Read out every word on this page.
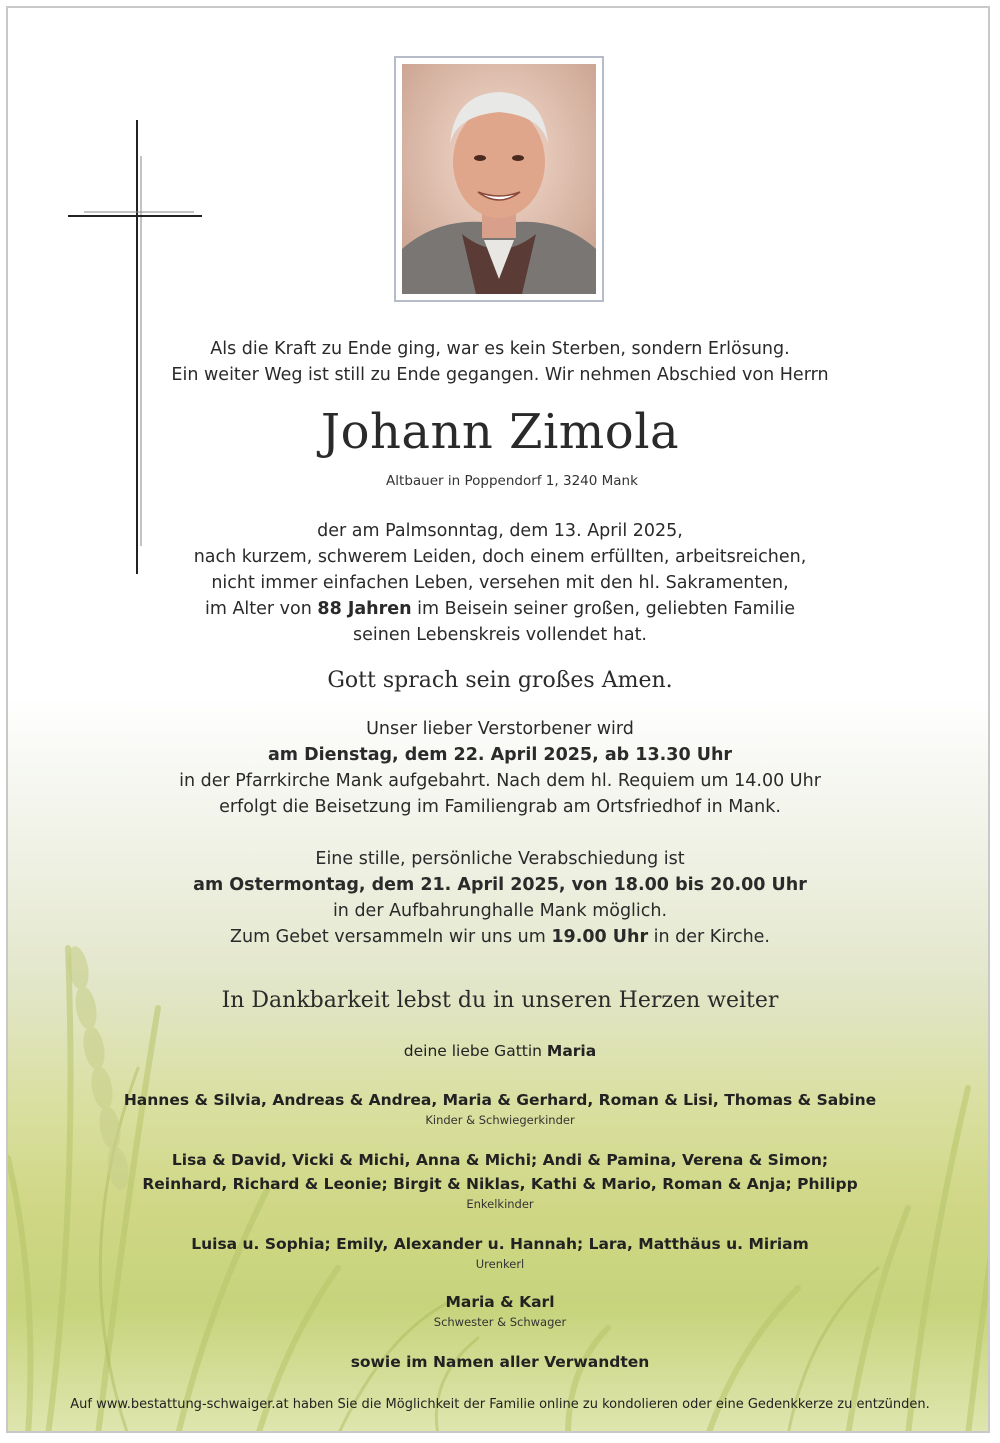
Als die Kraft zu Ende ging, war es kein Sterben, sondern Erlösung.
Ein weiter Weg ist still zu Ende gegangen. Wir nehmen Abschied von Herrn
Johann Zimola
Altbauer in Poppendorf 1, 3240 Mank
der am Palmsonntag, dem 13. April 2025,
nach kurzem, schwerem Leiden, doch einem erfüllten, arbeitsreichen,
nicht immer einfachen Leben, versehen mit den hl. Sakramenten,
im Alter von 88 Jahren im Beisein seiner großen, geliebten Familie
seinen Lebenskreis vollendet hat.
Gott sprach sein großes Amen.
Unser lieber Verstorbener wird
am Dienstag, dem 22. April 2025, ab 13.30 Uhr
in der Pfarrkirche Mank aufgebahrt. Nach dem hl. Requiem um 14.00 Uhr
erfolgt die Beisetzung im Familiengrab am Ortsfriedhof in Mank.
Eine stille, persönliche Verabschiedung ist
am Ostermontag, dem 21. April 2025, von 18.00 bis 20.00 Uhr
in der Aufbahrunghalle Mank möglich.
Zum Gebet versammeln wir uns um 19.00 Uhr in der Kirche.
In Dankbarkeit lebst du in unseren Herzen weiter
deine liebe Gattin Maria
Hannes & Silvia, Andreas & Andrea, Maria & Gerhard, Roman & Lisi, Thomas & Sabine
Kinder & Schwiegerkinder
Lisa & David, Vicki & Michi, Anna & Michi; Andi & Pamina, Verena & Simon;
Reinhard, Richard & Leonie; Birgit & Niklas, Kathi & Mario, Roman & Anja; Philipp
Enkelkinder
Luisa u. Sophia; Emily, Alexander u. Hannah; Lara, Matthäus u. Miriam
Urenkerl
Maria & Karl
Schwester & Schwager
sowie im Namen aller Verwandten
Auf www.bestattung-schwaiger.at haben Sie die Möglichkeit der Familie online zu kondolieren oder eine Gedenkkerze zu entzünden.
